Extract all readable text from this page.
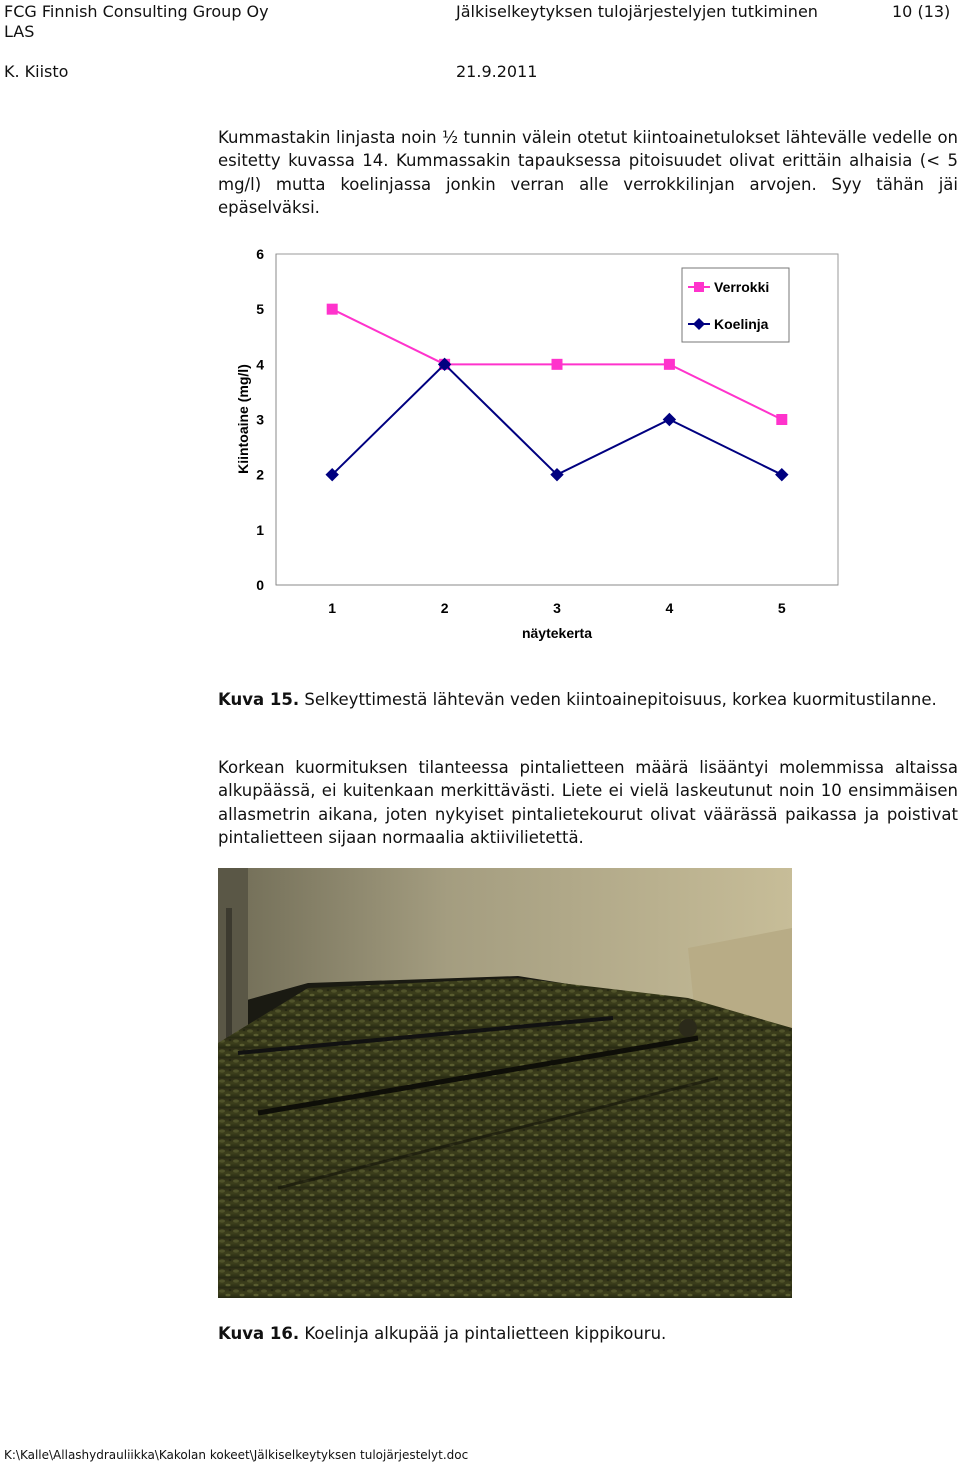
FCG Finnish Consulting Group Oy
LAS
Jälkiselkeytyksen tulojärjestelyjen tutkiminen	10 (13)
K. Kiisto	21.9.2011
Kummastakin linjasta noin ½ tunnin välein otetut kiintoainetulokset lähtevälle vedelle on esitetty kuvassa 14. Kummassakin tapauksessa pitoisuudet olivat erittäin alhaisia (< 5 mg/l) mutta koelinjassa jonkin verran alle verrokkilinjan arvojen. Syy tähän jäi epäselväksi.
0
1
2
3
4
5
6
1	2	3	4	5
Kiintoaine (mg/l)
näytekerta
Verrokki
Koelinja
Kuva 15. Selkeyttimestä lähtevän veden kiintoainepitoisuus, korkea kuormitustilanne.
Korkean kuormituksen tilanteessa pintalietteen määrä lisääntyi molemmissa altaissa alkupäässä, ei kuitenkaan merkittävästi. Liete ei vielä laskeutunut noin 10 ensimmäisen allasmetrin aikana, joten nykyiset pintalietekourut olivat väärässä paikassa ja poistivat pintalietteen sijaan normaalia aktiivilietettä.
Kuva 16. Koelinja alkupää ja pintalietteen kippikouru.
K:\Kalle\Allashydrauliikka\Kakolan kokeet\Jälkiselkeytyksen tulojärjestelyt.doc
